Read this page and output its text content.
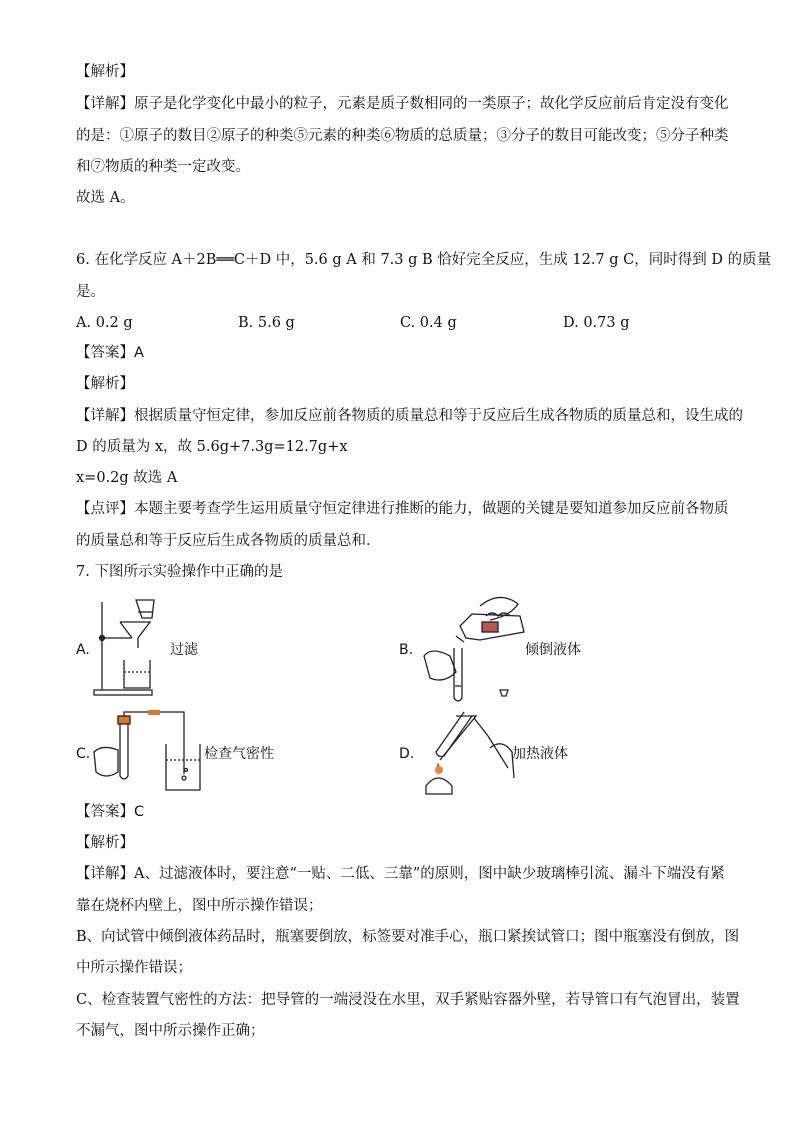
【解析】
【详解】原子是化学变化中最小的粒子，元素是质子数相同的一类原子；故化学反应前后肯定没有变化
的是：①原子的数目②原子的种类⑤元素的种类⑥物质的总质量；③分子的数目可能改变；⑤分子种类
和⑦物质的种类一定改变。
故选 A。
6. 在化学反应 A＋2B══C＋D 中，5.6 g A 和 7.3 g B 恰好完全反应，生成 12.7 g C，同时得到 D 的质量
是。
A. 0.2 g	B. 5.6 g	C. 0.4 g	D. 0.73 g
【答案】A
【解析】
【详解】根据质量守恒定律，参加反应前各物质的质量总和等于反应后生成各物质的质量总和，设生成的
D 的质量为 x，故 5.6g+7.3g=12.7g+x
x=0.2g 故选 A
【点评】本题主要考查学生运用质量守恒定律进行推断的能力，做题的关键是要知道参加反应前各物质
的质量总和等于反应后生成各物质的质量总和．
7. 下图所示实验操作中正确的是
A.	过滤	B.	倾倒液体
C.	检查气密性	D.	加热液体
【答案】C
【解析】
【详解】A、过滤液体时，要注意“一贴、二低、三靠”的原则，图中缺少玻璃棒引流、漏斗下端没有紧
靠在烧杯内壁上，图中所示操作错误；
B、向试管中倾倒液体药品时，瓶塞要倒放，标签要对准手心，瓶口紧挨试管口；图中瓶塞没有倒放，图
中所示操作错误；
C、检查装置气密性的方法：把导管的一端浸没在水里，双手紧贴容器外壁，若导管口有气泡冒出，装置
不漏气，图中所示操作正确；
